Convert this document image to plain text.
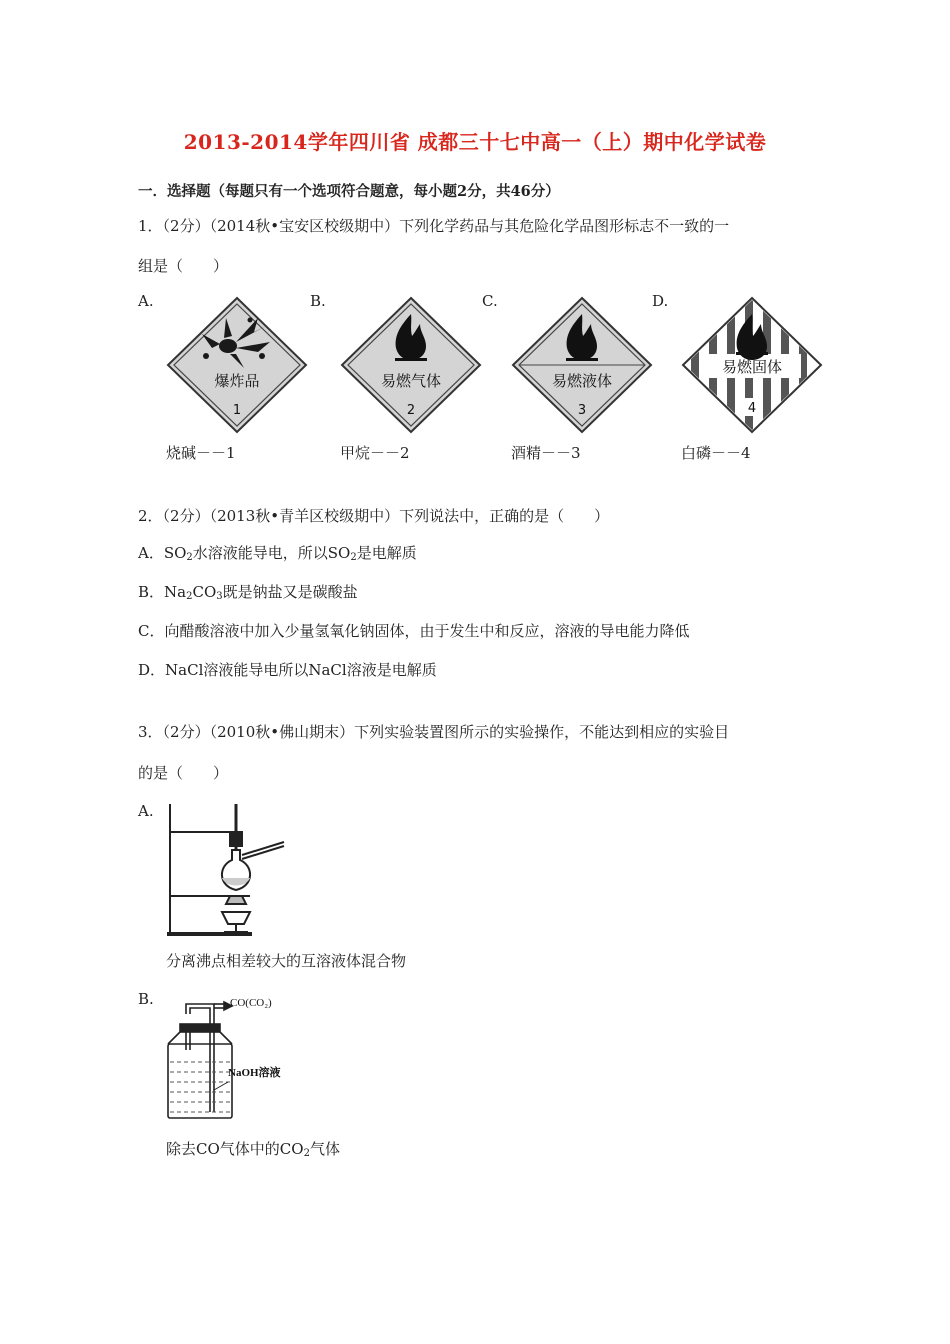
2013-2014学年四川省 成都三十七中高一（上）期中化学试卷
一．选择题（每题只有一个选项符合题意，每小题2分，共46分）
1．（2分）（2014秋•宝安区校级期中）下列化学药品与其危险化学品图形标志不一致的一
组是（　　）
A.	B.	C.	D.
爆炸品
1
易燃气体
2
易燃液体
3
易燃固体
4
烧碱－－1	甲烷－－2	酒精－－3	白磷－－4
2．（2分）（2013秋•青羊区校级期中）下列说法中，正确的是（　　）
A．$SO_2$水溶液能导电，所以$SO_2$是电解质
B．$Na_2CO_3$既是钠盐又是碳酸盐
C．向醋酸溶液中加入少量氢氧化钠固体，由于发生中和反应，溶液的导电能力降低
D．NaCl溶液能导电所以NaCl溶液是电解质
3．（2分）（2010秋•佛山期末）下列实验装置图所示的实验操作，不能达到相应的实验目
的是（　　）
A.
分离沸点相差较大的互溶液体混合物
B.	CO(CO₂)
NaOH溶液
除去CO气体中的$CO_2$气体
